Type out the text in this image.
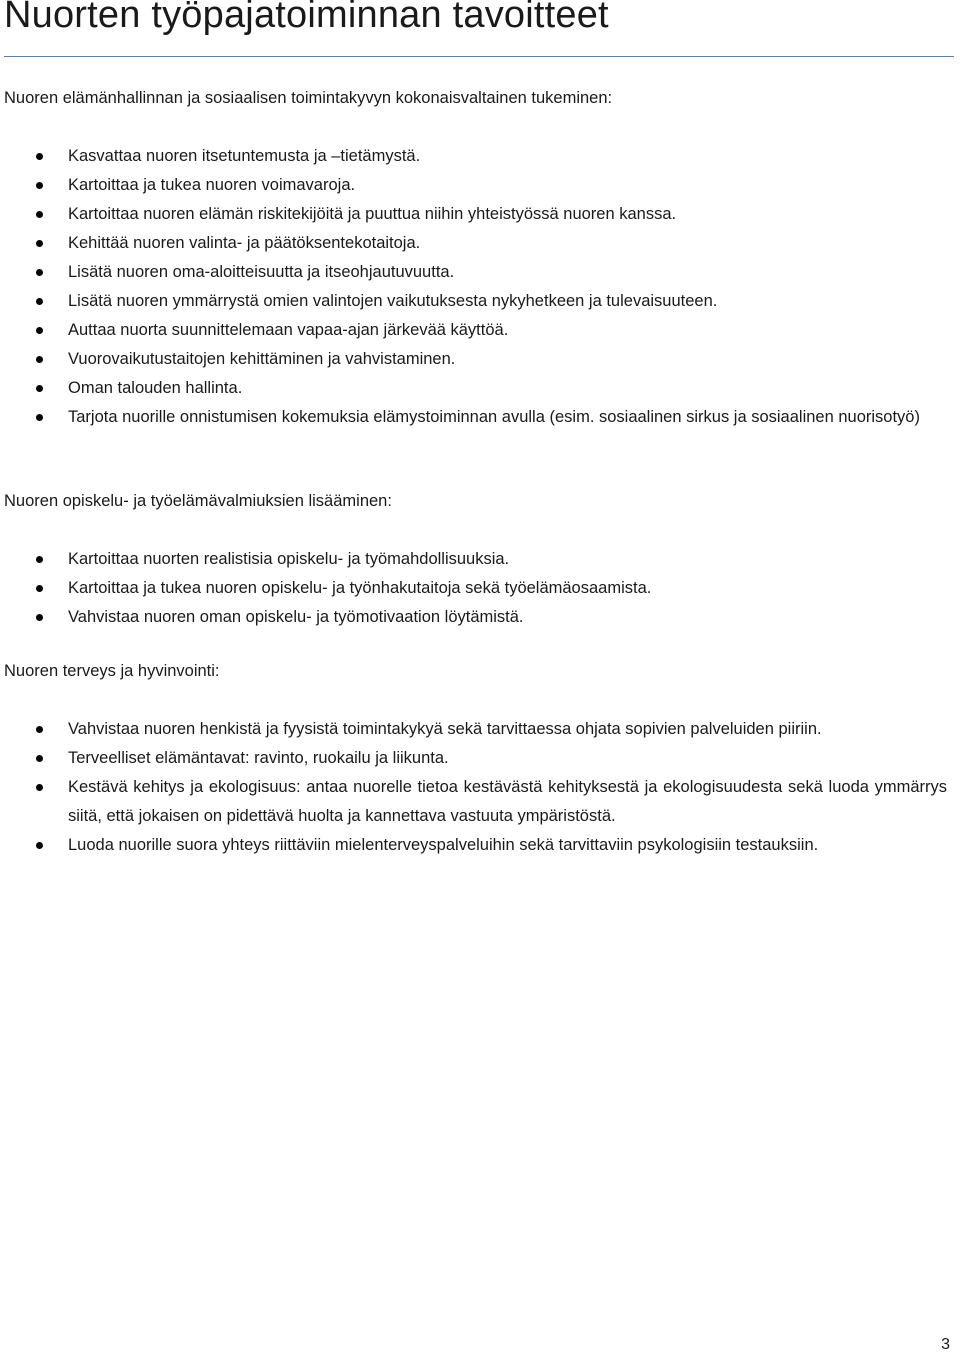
Nuorten työpajatoiminnan tavoitteet

Nuoren elämänhallinnan ja sosiaalisen toimintakyvyn kokonaisvaltainen tukeminen:

Kasvattaa nuoren itsetuntemusta ja –tietämystä.
Kartoittaa ja tukea nuoren voimavaroja.
Kartoittaa nuoren elämän riskitekijöitä ja puuttua niihin yhteistyössä nuoren kanssa.
Kehittää nuoren valinta- ja päätöksentekotaitoja.
Lisätä nuoren oma-aloitteisuutta ja itseohjautuvuutta.
Lisätä nuoren ymmärrystä omien valintojen vaikutuksesta nykyhetkeen ja tulevaisuuteen.
Auttaa nuorta suunnittelemaan vapaa-ajan järkevää käyttöä.
Vuorovaikutustaitojen kehittäminen ja vahvistaminen.
Oman talouden hallinta.
Tarjota nuorille onnistumisen kokemuksia elämystoiminnan avulla (esim. sosiaalinen sirkus ja sosiaalinen nuorisotyö)

Nuoren opiskelu- ja työelämävalmiuksien lisääminen:

Kartoittaa nuorten realistisia opiskelu- ja työmahdollisuuksia.
Kartoittaa ja tukea nuoren opiskelu- ja työnhakutaitoja sekä työelämäosaamista.
Vahvistaa nuoren oman opiskelu- ja työmotivaation löytämistä.

Nuoren terveys ja hyvinvointi:

Vahvistaa nuoren henkistä ja fyysistä toimintakykyä sekä tarvittaessa ohjata sopivien palveluiden piiriin.
Terveelliset elämäntavat: ravinto, ruokailu ja liikunta.
Kestävä kehitys ja ekologisuus: antaa nuorelle tietoa kestävästä kehityksestä ja ekologisuudesta sekä luoda ymmärrys siitä, että jokaisen on pidettävä huolta ja kannettava vastuuta ympäristöstä.
Luoda nuorille suora yhteys riittäviin mielenterveyspalveluihin sekä tarvittaviin psykologisiin testauksiin.
3
